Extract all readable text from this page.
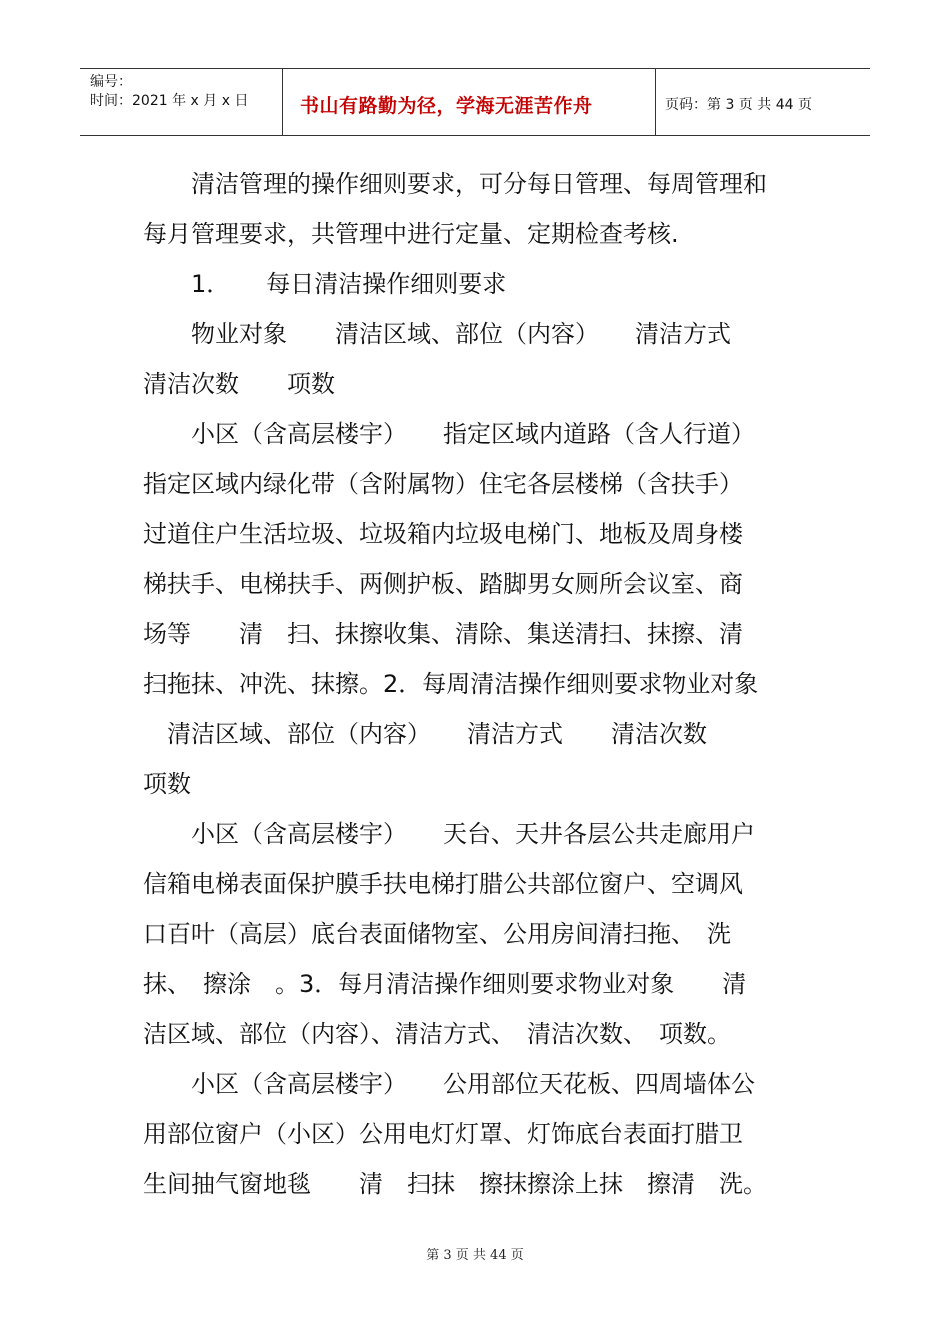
编号：
时间：2021 年 x 月 x 日	书山有路勤为径，学海无涯苦作舟	页码：第 3 页 共 44 页
　　清洁管理的操作细则要求，可分每日管理、每周管理和
每月管理要求，共管理中进行定量、定期检查考核.
　　1．　　每日清洁操作细则要求
　　物业对象　　清洁区域、部位（内容）　　清洁方式
清洁次数　　项数
　　小区（含高层楼宇）　　指定区域内道路（含人行道）
指定区域内绿化带（含附属物）住宅各层楼梯（含扶手）
过道住户生活垃圾、垃圾箱内垃圾电梯门、地板及周身楼
梯扶手、电梯扶手、两侧护板、踏脚男女厕所会议室、商
场等　　清　扫、抹擦收集、清除、集送清扫、抹擦、清
扫拖抹、冲洗、抹擦。2．每周清洁操作细则要求物业对象
　清洁区域、部位（内容）　　清洁方式　　清洁次数
项数
　　小区（含高层楼宇）　　天台、天井各层公共走廊用户
信箱电梯表面保护膜手扶电梯打腊公共部位窗户、空调风
口百叶（高层）底台表面储物室、公用房间清扫拖、　洗
抹、　擦涂　。3．每月清洁操作细则要求物业对象　　清
洁区域、部位（内容）、清洁方式、　清洁次数、　项数。
　　小区（含高层楼宇）　　公用部位天花板、四周墙体公
用部位窗户（小区）公用电灯灯罩、灯饰底台表面打腊卫
生间抽气窗地毯　　清　扫抹　擦抹擦涂上抹　擦清　洗。
第 3 页 共 44 页
